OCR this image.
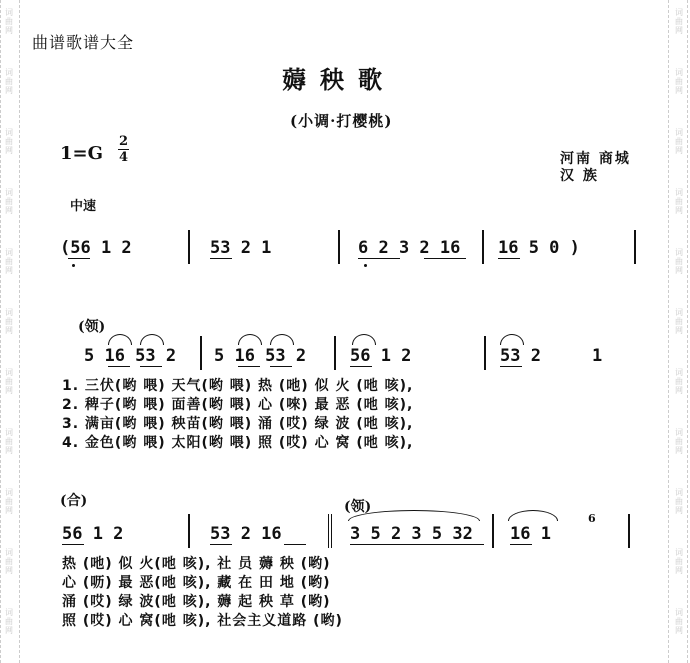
词
曲
网
词
曲
网
词
曲
网
词
曲
网
词
曲
网
词
曲
网
词
曲
网
词
曲
网
词
曲
网
词
曲
网
词
曲
网
词
曲
网
词
曲
网
词
曲
网
词
曲
网
词
曲
网
词
曲
网
词
曲
网
词
曲
网
词
曲
网
词
曲
网
词
曲
网
曲谱歌谱大全
薅秧歌
(小调·打樱桃)
1=G
2
4	河南 商城
汉 族
中速
(56 1 2	53 2 1	6 2 3 2 16 16 5 0 )
(领)
5 16 53 2 5 16 53 2	56 1 2	53 2	1
1. 三伏(哟 喂) 天气(哟 喂) 热 (吔) 似 火 (吔 咳),
2. 稗子(哟 喂) 面善(哟 喂) 心 (唻) 最 恶 (吔 咳),
3. 满亩(哟 喂) 秧苗(哟 喂) 涌 (哎) 绿 波 (吔 咳),
4. 金色(哟 喂) 太阳(哟 喂) 照 (哎) 心 窝 (吔 咳),
(合)	(领)
56 1 2	53 2 16	3 5 2 3 5 32 16 1
6
热 (吔) 似 火(吔 咳), 社 员 薅 秧 (哟)
心 (呖) 最 恶(吔 咳), 藏 在 田 地 (哟)
涌 (哎) 绿 波(吔 咳), 薅 起 秧 草 (哟)
照 (哎) 心 窝(吔 咳), 社会主义道路 (哟)
